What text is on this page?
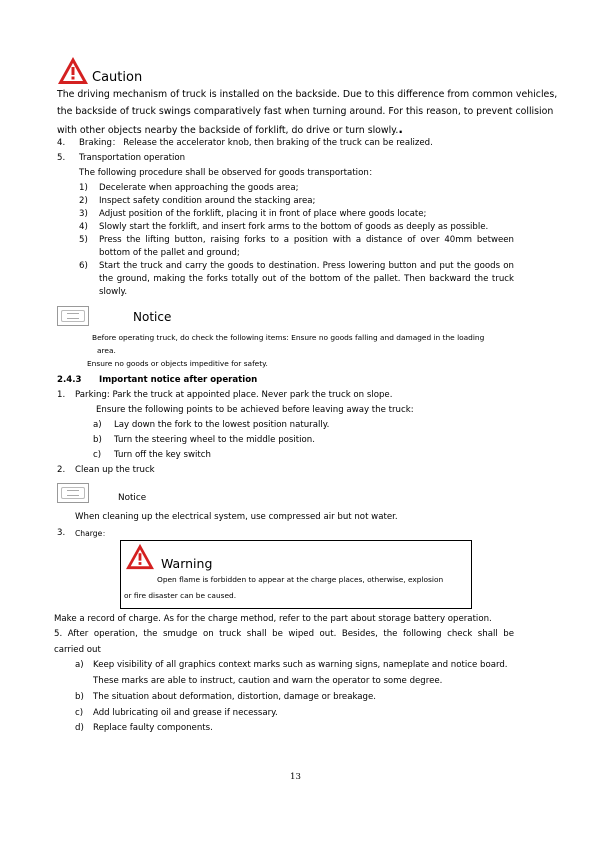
Caution
The driving mechanism of truck is installed on the backside. Due to this difference from common vehicles,
the backside of truck swings comparatively fast when turning around. For this reason, to prevent collision
with other objects nearby the backside of forklift, do drive or turn slowly..
4. Braking： Release the accelerator knob, then braking of the truck can be realized.
5. Transportation operation
The following procedure shall be observed for goods transportation：
1) Decelerate when approaching the goods area;
2) Inspect safety condition around the stacking area;
3) Adjust position of the forklift, placing it in front of place where goods locate;
4) Slowly start the forklift, and insert fork arms to the bottom of goods as deeply as possible.
5) Press the lifting button, raising forks to a position with a distance of over 40mm between
bottom of the pallet and ground;
6) Start the truck and carry the goods to destination. Press lowering button and put the goods on
the ground, making the forks totally out of the bottom of the pallet. Then backward the truck
slowly.
Notice
Before operating truck, do check the following items: Ensure no goods falling and damaged in the loading
area.
Ensure no goods or objects impeditive for safety.
2.4.3 Important notice after operation
1. Parking: Park the truck at appointed place. Never park the truck on slope.
Ensure the following points to be achieved before leaving away the truck:
a) Lay down the fork to the lowest position naturally.
b) Turn the steering wheel to the middle position.
c) Turn off the key switch
2. Clean up the truck
Notice
When cleaning up the electrical system, use compressed air but not water.
3. Charge：
Warning
Open flame is forbidden to appear at the charge places, otherwise, explosion
or fire disaster can be caused.
Make a record of charge. As for the charge method, refer to the part about storage battery operation.
5. After operation, the smudge on truck shall be wiped out. Besides, the following check shall be
carried out
a) Keep visibility of all graphics context marks such as warning signs, nameplate and notice board.
These marks are able to instruct, caution and warn the operator to some degree.
b) The situation about deformation, distortion, damage or breakage.
c) Add lubricating oil and grease if necessary.
d) Replace faulty components.
13
